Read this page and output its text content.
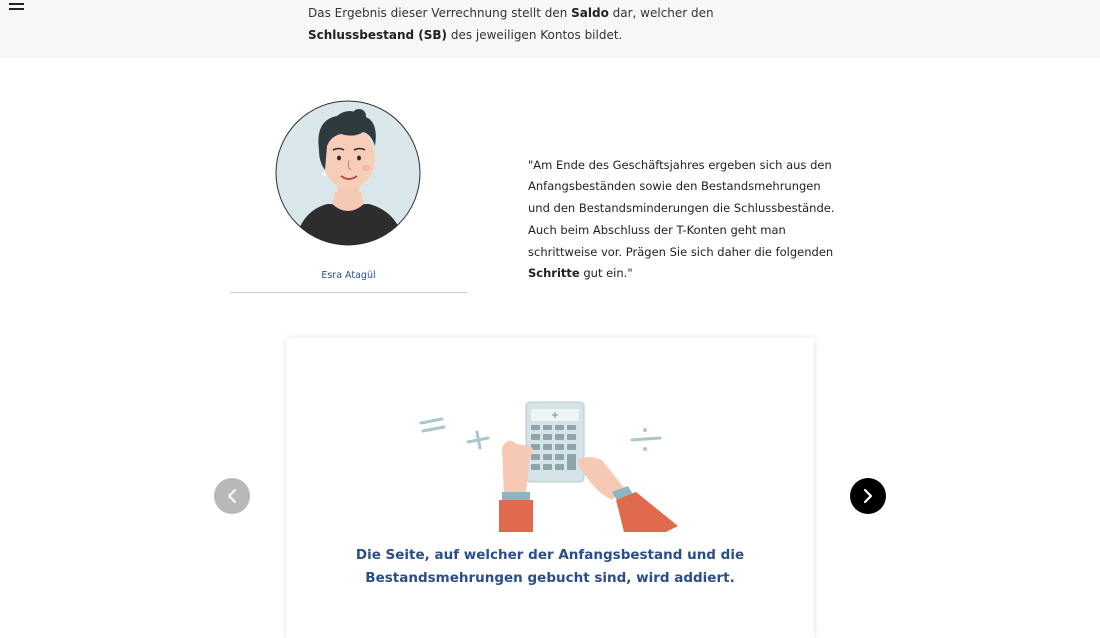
Das Ergebnis dieser Verrechnung stellt den Saldo dar, welcher den Schlussbestand (SB) des jeweiligen Kontos bildet.

Esra Atagül

"Am Ende des Geschäftsjahres ergeben sich aus den Anfangsbeständen sowie den Bestandsmehrungen und den Bestandsminderungen die Schlussbestände. Auch beim Abschluss der T-Konten geht man schrittweise vor. Prägen Sie sich daher die folgenden Schritte gut ein."

Die Seite, auf welcher der Anfangsbestand und die Bestandsmehrungen gebucht sind, wird addiert.
